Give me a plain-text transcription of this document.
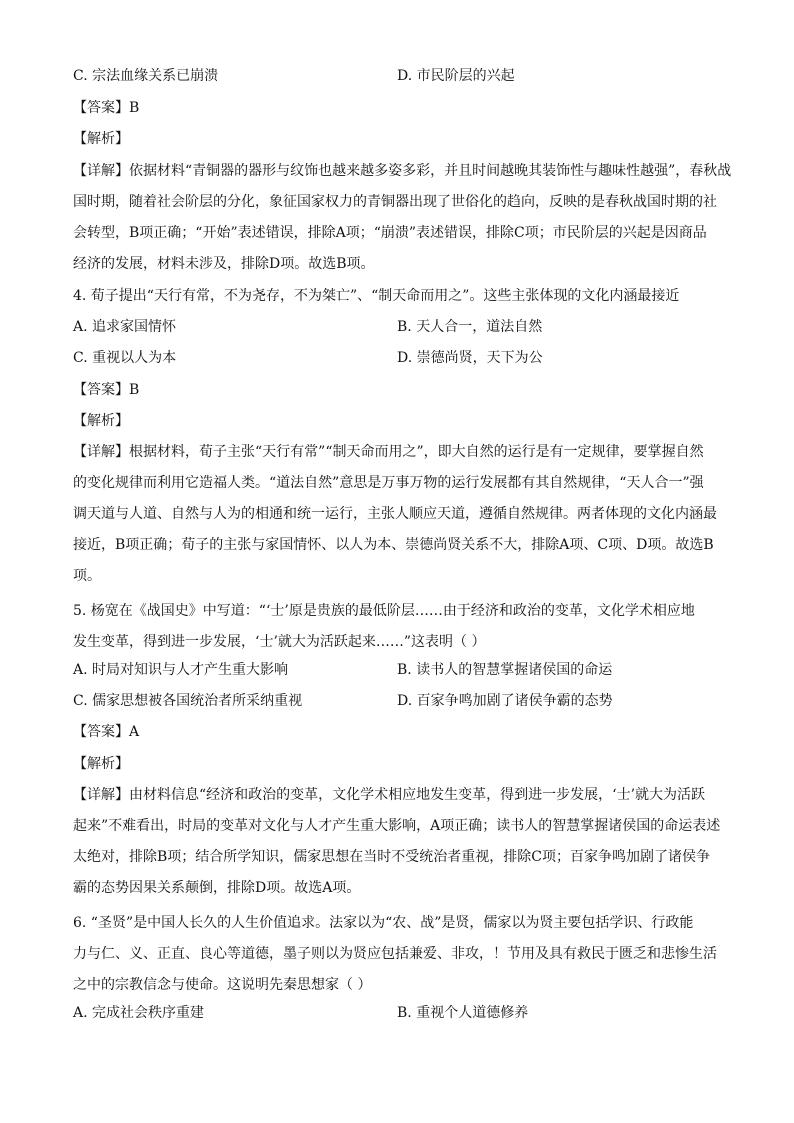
C. 宗法血缘关系已崩溃	D. 市民阶层的兴起
【答案】B
【解析】
【详解】依据材料“青铜器的器形与纹饰也越来越多姿多彩，并且时间越晚其装饰性与趣味性越强”，春秋战
国时期，随着社会阶层的分化，象征国家权力的青铜器出现了世俗化的趋向，反映的是春秋战国时期的社
会转型，B项正确；“开始”表述错误，排除A项；“崩溃”表述错误，排除C项；市民阶层的兴起是因商品
经济的发展，材料未涉及，排除D项。故选B项。
4. 荀子提出“天行有常，不为尧存，不为桀亡”、“制天命而用之”。这些主张体现的文化内涵最接近
A. 追求家国情怀	B. 天人合一，道法自然
C. 重视以人为本	D. 崇德尚贤，天下为公
【答案】B
【解析】
【详解】根据材料，荀子主张“天行有常”“制天命而用之”，即大自然的运行是有一定规律，要掌握自然
的变化规律而利用它造福人类。“道法自然”意思是万事万物的运行发展都有其自然规律，“天人合一”强
调天道与人道、自然与人为的相通和统一运行，主张人顺应天道，遵循自然规律。两者体现的文化内涵最
接近，B项正确；荀子的主张与家国情怀、以人为本、崇德尚贤关系不大，排除A项、C项、D项。故选B
项。
5. 杨宽在《战国史》中写道：“‘士’原是贵族的最低阶层……由于经济和政治的变革，文化学术相应地
发生变革，得到进一步发展，‘士’就大为活跃起来……”这表明（ ）
A. 时局对知识与人才产生重大影响	B. 读书人的智慧掌握诸侯国的命运
C. 儒家思想被各国统治者所采纳重视	D. 百家争鸣加剧了诸侯争霸的态势
【答案】A
【解析】
【详解】由材料信息“经济和政治的变革，文化学术相应地发生变革，得到进一步发展，‘士’就大为活跃
起来”不难看出，时局的变革对文化与人才产生重大影响，A项正确；读书人的智慧掌握诸侯国的命运表述
太绝对，排除B项；结合所学知识，儒家思想在当时不受统治者重视，排除C项；百家争鸣加剧了诸侯争
霸的态势因果关系颠倒，排除D项。故选A项。
6. “圣贤”是中国人长久的人生价值追求。法家以为“农、战”是贤，儒家以为贤主要包括学识、行政能
力与仁、义、正直、良心等道德，墨子则以为贤应包括兼爱、非攻，！节用及具有救民于匮乏和悲惨生活
之中的宗教信念与使命。这说明先秦思想家（ ）
A. 完成社会秩序重建	B. 重视个人道德修养
